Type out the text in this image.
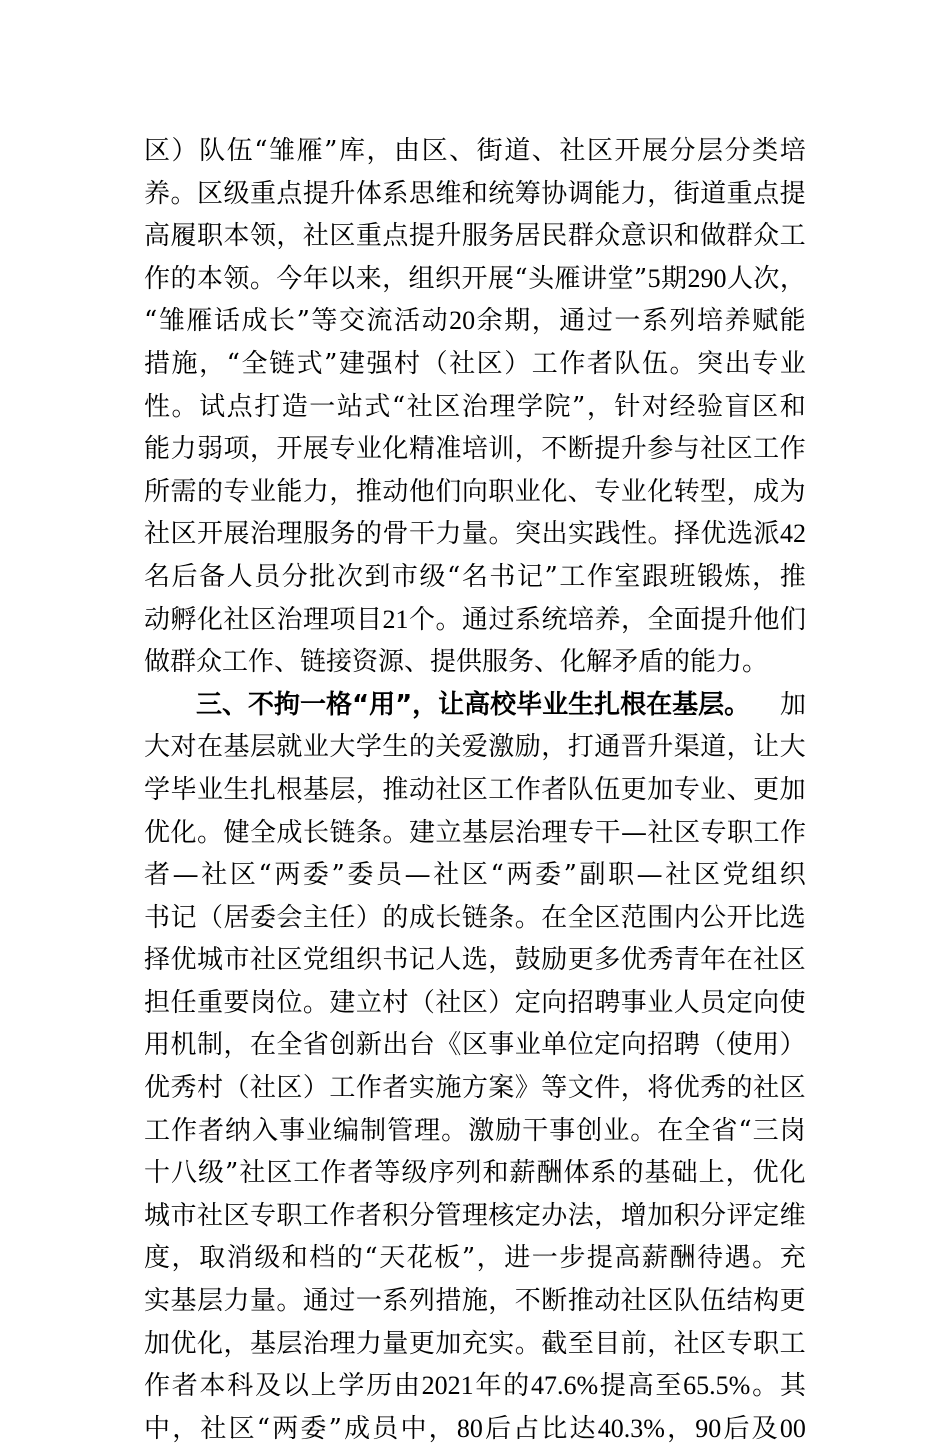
区 ） 队 伍 “ 雏 雁 ” 库 ， 由 区 、 街 道 、 社 区 开 展 分 层 分 类 培
养 。 区 级 重 点 提 升 体 系 思 维 和 统 筹 协 调 能 力 ， 街 道 重 点 提
高 履 职 本 领 ， 社 区 重 点 提 升 服 务 居 民 群 众 意 识 和 做 群 众 工
作 的 本 领 。 今 年 以 来 ， 组 织 开 展 “ 头 雁 讲 堂 ” 5 期 290 人 次 ，
“ 雏 雁 话 成 长 ” 等 交 流 活 动 20 余 期 ， 通 过 一 系 列 培 养 赋 能
措 施 ， “ 全 链 式 ” 建 强 村 （ 社 区 ） 工 作 者 队 伍 。 突 出 专 业
性 。 试 点 打 造 一 站 式 “ 社 区 治 理 学 院 ” ， 针 对 经 验 盲 区 和
能 力 弱 项 ， 开 展 专 业 化 精 准 培 训 ， 不 断 提 升 参 与 社 区 工 作
所 需 的 专 业 能 力 ， 推 动 他 们 向 职 业 化 、 专 业 化 转 型 ， 成 为
社 区 开 展 治 理 服 务 的 骨 干 力 量 。 突 出 实 践 性 。 择 优 选 派 42
名 后 备 人 员 分 批 次 到 市 级 “ 名 书 记 ” 工 作 室 跟 班 锻 炼 ， 推
动 孵 化 社 区 治 理 项 目 21 个 。 通 过 系 统 培 养 ， 全 面 提 升 他 们
做群众工作、链接资源、提供服务、化解矛盾的能力。
三、不拘一格“用”，让高校毕业生扎根在基层。 加
大 对 在 基 层 就 业 大 学 生 的 关 爱 激 励 ， 打 通 晋 升 渠 道 ， 让 大
学 毕 业 生 扎 根 基 层 ， 推 动 社 区 工 作 者 队 伍 更 加 专 业 、 更 加
优 化 。 健 全 成 长 链 条 。 建 立 基 层 治 理 专 干 — 社 区 专 职 工 作
者 — 社 区 “ 两 委 ” 委 员 — 社 区 “ 两 委 ” 副 职 — 社 区 党 组 织
书 记 （ 居 委 会 主 任 ） 的 成 长 链 条 。 在 全 区 范 围 内 公 开 比 选
择 优 城 市 社 区 党 组 织 书 记 人 选 ， 鼓 励 更 多 优 秀 青 年 在 社 区
担 任 重 要 岗 位 。 建 立 村 （ 社 区 ） 定 向 招 聘 事 业 人 员 定 向 使
用 机 制 ， 在 全 省 创 新 出 台 《 区 事 业 单 位 定 向 招 聘 （ 使 用 ）
优 秀 村 （ 社 区 ） 工 作 者 实 施 方 案 》 等 文 件 ， 将 优 秀 的 社 区
工 作 者 纳 入 事 业 编 制 管 理 。 激 励 干 事 创 业 。 在 全 省 “ 三 岗
十 八 级 ” 社 区 工 作 者 等 级 序 列 和 薪 酬 体 系 的 基 础 上 ， 优 化
城 市 社 区 专 职 工 作 者 积 分 管 理 核 定 办 法 ， 增 加 积 分 评 定 维
度 ， 取 消 级 和 档 的 “ 天 花 板 ” ， 进 一 步 提 高 薪 酬 待 遇 。 充
实 基 层 力 量 。 通 过 一 系 列 措 施 ， 不 断 推 动 社 区 队 伍 结 构 更
加 优 化 ， 基 层 治 理 力 量 更 加 充 实 。 截 至 目 前 ， 社 区 专 职 工
作 者 本 科 及 以 上 学 历 由 2021 年 的 47.6% 提 高 至 65.5% 。 其
中 ， 社 区 “ 两 委 ” 成 员 中 ， 80 后 占 比 达 40.3% ， 90 后 及 00
